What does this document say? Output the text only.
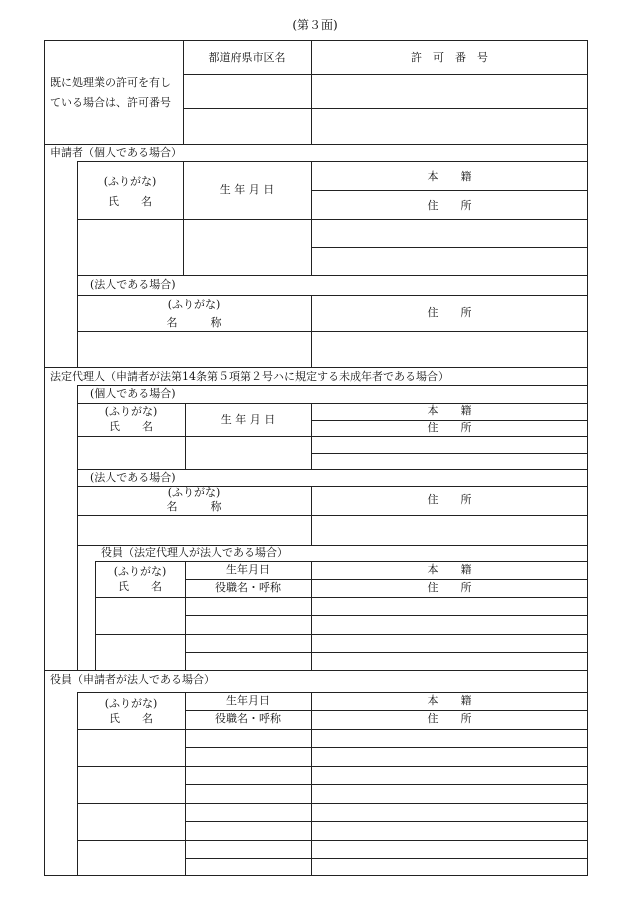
(第３面)
既に処理業の許可を有し
ている場合は、許可番号
都道府県市区名	許　可　番　号
申請者（個人である場合）
(ふりがな)
氏　　名
生 年 月 日
本　　籍
住　　所
(法人である場合)
(ふりがな)
名　　　称
住　　所
法定代理人（申請者が法第14条第５項第２号ハに規定する未成年者である場合）
(個人である場合)
(ふりがな)
氏　　名
生 年 月 日
本　　籍
住　　所
(法人である場合)
(ふりがな)
名　　　称
住　　所
役員（法定代理人が法人である場合）
(ふりがな)
氏　　名
生年月日
役職名・呼称
本　　籍
住　　所
役員（申請者が法人である場合）
(ふりがな)
氏　　名
生年月日
役職名・呼称
本　　籍
住　　所
